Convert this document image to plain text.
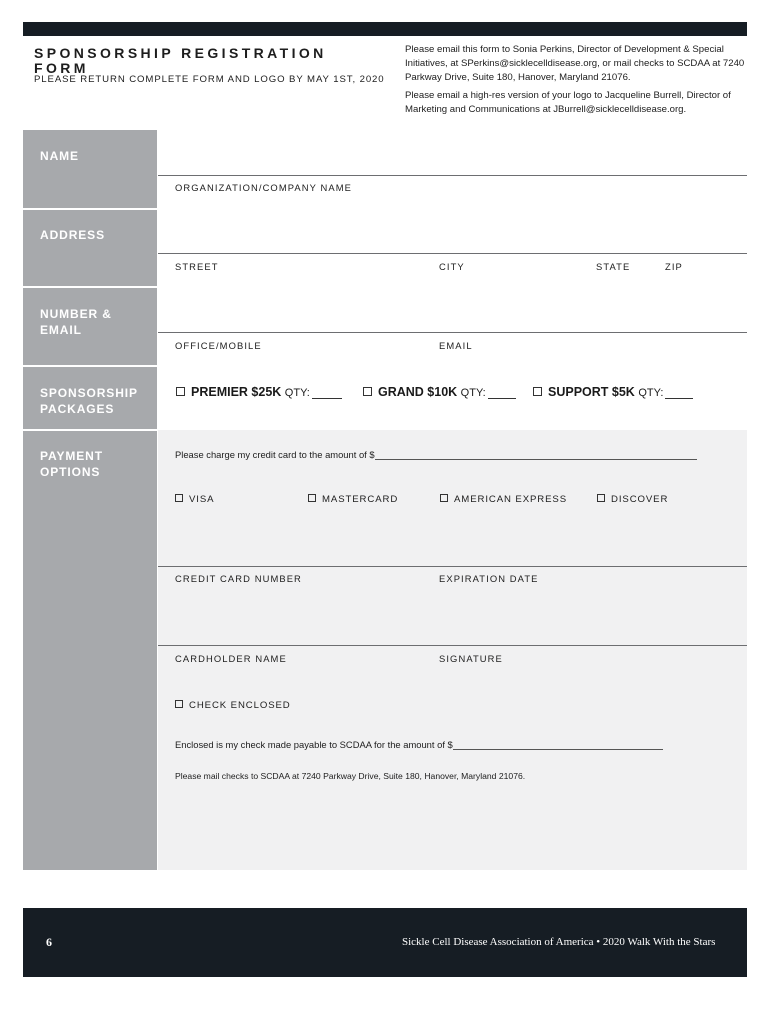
SPONSORSHIP REGISTRATION FORM
PLEASE RETURN COMPLETE FORM AND LOGO BY MAY 1ST, 2020
Please email this form to Sonia Perkins, Director of Development & Special Initiatives, at SPerkins@sicklecelldisease.org, or mail checks to SCDAA at 7240 Parkway Drive, Suite 180, Hanover, Maryland 21076.
Please email a high-res version of your logo to Jacqueline Burrell, Director of Marketing and Communications at JBurrell@sicklecelldisease.org.
NAME
ADDRESS
NUMBER & EMAIL
SPONSORSHIP PACKAGES
PAYMENT OPTIONS
ORGANIZATION/COMPANY NAME
STREET	CITY	STATE	ZIP
OFFICE/MOBILE	EMAIL
PREMIER $25K QTY:	GRAND $10K QTY:	SUPPORT $5K QTY:
Please charge my credit card to the amount of $
VISA	MASTERCARD	AMERICAN EXPRESS	DISCOVER
CREDIT CARD NUMBER	EXPIRATION DATE
CARDHOLDER NAME	SIGNATURE
CHECK ENCLOSED
Enclosed is my check made payable to SCDAA for the amount of $
Please mail checks to SCDAA at 7240 Parkway Drive, Suite 180, Hanover, Maryland 21076.
6	Sickle Cell Disease Association of America • 2020 Walk With the Stars
